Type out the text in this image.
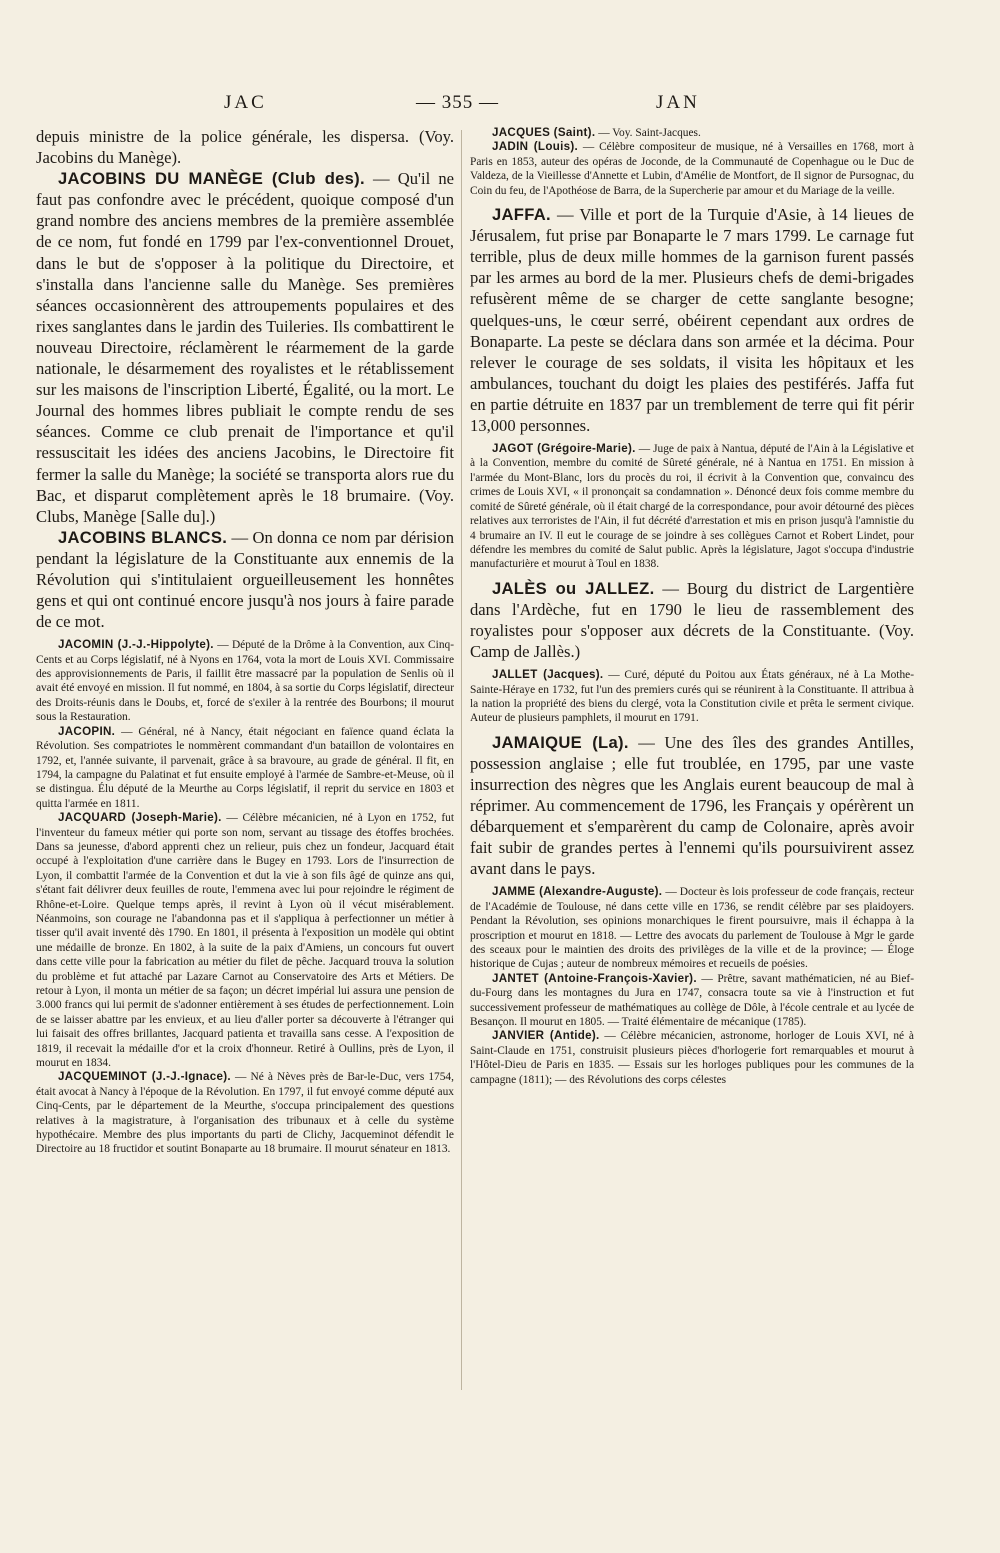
JAC	— 355 —	JAN

depuis ministre de la police générale, les dispersa. (Voy. Jacobins du Manège).

JACOBINS DU MANÈGE (Club des). — Qu'il ne faut pas confondre avec le précédent, quoique composé d'un grand nombre des anciens membres de la première assemblée de ce nom, fut fondé en 1799 par l'ex-conventionnel Drouet, dans le but de s'opposer à la politique du Directoire, et s'installa dans l'ancienne salle du Manège. Ses premières séances occasionnèrent des attroupements populaires et des rixes sanglantes dans le jardin des Tuileries. Ils combattirent le nouveau Directoire, réclamèrent le réarmement de la garde nationale, le désarmement des royalistes et le rétablissement sur les maisons de l'inscription Liberté, Égalité, ou la mort. Le Journal des hommes libres publiait le compte rendu de ses séances. Comme ce club prenait de l'importance et qu'il ressuscitait les idées des anciens Jacobins, le Directoire fit fermer la salle du Manège; la société se transporta alors rue du Bac, et disparut complètement après le 18 brumaire. (Voy. Clubs, Manège [Salle du].)

JACOBINS BLANCS. — On donna ce nom par dérision pendant la législature de la Constituante aux ennemis de la Révolution qui s'intitulaient orgueilleusement les honnêtes gens et qui ont continué encore jusqu'à nos jours à faire parade de ce mot.

JACOMIN (J.-J.-Hippolyte). — Député de la Drôme à la Convention, aux Cinq-Cents et au Corps législatif, né à Nyons en 1764, vota la mort de Louis XVI. Commissaire des approvisionnements de Paris, il faillit être massacré par la population de Senlis où il avait été envoyé en mission. Il fut nommé, en 1804, à sa sortie du Corps législatif, directeur des Droits-réunis dans le Doubs, et, forcé de s'exiler à la rentrée des Bourbons; il mourut sous la Restauration.

JACOPIN. — Général, né à Nancy, était négociant en faïence quand éclata la Révolution. Ses compatriotes le nommèrent commandant d'un bataillon de volontaires en 1792, et, l'année suivante, il parvenait, grâce à sa bravoure, au grade de général. Il fit, en 1794, la campagne du Palatinat et fut ensuite employé à l'armée de Sambre-et-Meuse, où il se distingua. Élu député de la Meurthe au Corps législatif, il reprit du service en 1803 et quitta l'armée en 1811.

JACQUARD (Joseph-Marie). — Célèbre mécanicien, né à Lyon en 1752, fut l'inventeur du fameux métier qui porte son nom, servant au tissage des étoffes brochées. Dans sa jeunesse, d'abord apprenti chez un relieur, puis chez un fondeur, Jacquard était occupé à l'exploitation d'une carrière dans le Bugey en 1793. Lors de l'insurrection de Lyon, il combattit l'armée de la Convention et dut la vie à son fils âgé de quinze ans qui, s'étant fait délivrer deux feuilles de route, l'emmena avec lui pour rejoindre le régiment de Rhône-et-Loire. Quelque temps après, il revint à Lyon où il vécut misérablement. Néanmoins, son courage ne l'abandonna pas et il s'appliqua à perfectionner un métier à tisser qu'il avait inventé dès 1790. En 1801, il présenta à l'exposition un modèle qui obtint une médaille de bronze. En 1802, à la suite de la paix d'Amiens, un concours fut ouvert dans cette ville pour la fabrication au métier du filet de pêche. Jacquard trouva la solution du problème et fut attaché par Lazare Carnot au Conservatoire des Arts et Métiers. De retour à Lyon, il monta un métier de sa façon; un décret impérial lui assura une pension de 3.000 francs qui lui permit de s'adonner entièrement à ses études de perfectionnement. Loin de se laisser abattre par les envieux, et au lieu d'aller porter sa découverte à l'étranger qui lui faisait des offres brillantes, Jacquard patienta et travailla sans cesse. A l'exposition de 1819, il recevait la médaille d'or et la croix d'honneur. Retiré à Oullins, près de Lyon, il mourut en 1834.

JACQUEMINOT (J.-J.-Ignace). — Né à Nèves près de Bar-le-Duc, vers 1754, était avocat à Nancy à l'époque de la Révolution. En 1797, il fut envoyé comme député aux Cinq-Cents, par le département de la Meurthe, s'occupa principalement des questions relatives à la magistrature, à l'organisation des tribunaux et à celle du système hypothécaire. Membre des plus importants du parti de Clichy, Jacqueminot défendit le Directoire au 18 fructidor et soutint Bonaparte au 18 brumaire. Il mourut sénateur en 1813.

JACQUES (Saint). — Voy. Saint-Jacques.

JADIN (Louis). — Célèbre compositeur de musique, né à Versailles en 1768, mort à Paris en 1853, auteur des opéras de Joconde, de la Communauté de Copenhague ou le Duc de Valdeza, de la Vieillesse d'Annette et Lubin, d'Amélie de Montfort, de Il signor de Pursognac, du Coin du feu, de l'Apothéose de Barra, de la Supercherie par amour et du Mariage de la veille.

JAFFA. — Ville et port de la Turquie d'Asie, à 14 lieues de Jérusalem, fut prise par Bonaparte le 7 mars 1799. Le carnage fut terrible, plus de deux mille hommes de la garnison furent passés par les armes au bord de la mer. Plusieurs chefs de demi-brigades refusèrent même de se charger de cette sanglante besogne; quelques-uns, le cœur serré, obéirent cependant aux ordres de Bonaparte. La peste se déclara dans son armée et la décima. Pour relever le courage de ses soldats, il visita les hôpitaux et les ambulances, touchant du doigt les plaies des pestiférés. Jaffa fut en partie détruite en 1837 par un tremblement de terre qui fit périr 13,000 personnes.

JAGOT (Grégoire-Marie). — Juge de paix à Nantua, député de l'Ain à la Législative et à la Convention, membre du comité de Sûreté générale, né à Nantua en 1751. En mission à l'armée du Mont-Blanc, lors du procès du roi, il écrivit à la Convention que, convaincu des crimes de Louis XVI, « il prononçait sa condamnation ». Dénoncé deux fois comme membre du comité de Sûreté générale, où il était chargé de la correspondance, pour avoir détourné des pièces relatives aux terroristes de l'Ain, il fut décrété d'arrestation et mis en prison jusqu'à l'amnistie du 4 brumaire an IV. Il eut le courage de se joindre à ses collègues Carnot et Robert Lindet, pour défendre les membres du comité de Salut public. Après la législature, Jagot s'occupa d'industrie manufacturière et mourut à Toul en 1838.

JALÈS ou JALLEZ. — Bourg du district de Largentière dans l'Ardèche, fut en 1790 le lieu de rassemblement des royalistes pour s'opposer aux décrets de la Constituante. (Voy. Camp de Jallès.)

JALLET (Jacques). — Curé, député du Poitou aux États généraux, né à La Mothe-Sainte-Héraye en 1732, fut l'un des premiers curés qui se réunirent à la Constituante. Il attribua à la nation la propriété des biens du clergé, vota la Constitution civile et prêta le serment civique. Auteur de plusieurs pamphlets, il mourut en 1791.

JAMAIQUE (La). — Une des îles des grandes Antilles, possession anglaise ; elle fut troublée, en 1795, par une vaste insurrection des nègres que les Anglais eurent beaucoup de mal à réprimer. Au commencement de 1796, les Français y opérèrent un débarquement et s'emparèrent du camp de Colonaire, après avoir fait subir de grandes pertes à l'ennemi qu'ils poursuivirent assez avant dans le pays.

JAMME (Alexandre-Auguste). — Docteur ès lois professeur de code français, recteur de l'Académie de Toulouse, né dans cette ville en 1736, se rendit célèbre par ses plaidoyers. Pendant la Révolution, ses opinions monarchiques le firent poursuivre, mais il échappa à la proscription et mourut en 1818. — Lettre des avocats du parlement de Toulouse à Mgr le garde des sceaux pour le maintien des droits des privilèges de la ville et de la province; — Éloge historique de Cujas ; auteur de nombreux mémoires et recueils de poésies.

JANTET (Antoine-François-Xavier). — Prêtre, savant mathématicien, né au Bief-du-Fourg dans les montagnes du Jura en 1747, consacra toute sa vie à l'instruction et fut successivement professeur de mathématiques au collège de Dôle, à l'école centrale et au lycée de Besançon. Il mourut en 1805. — Traité élémentaire de mécanique (1785).

JANVIER (Antide). — Célèbre mécanicien, astronome, horloger de Louis XVI, né à Saint-Claude en 1751, construisit plusieurs pièces d'horlogerie fort remarquables et mourut à l'Hôtel-Dieu de Paris en 1835. — Essais sur les horloges publiques pour les communes de la campagne (1811); — des Révolutions des corps célestes
